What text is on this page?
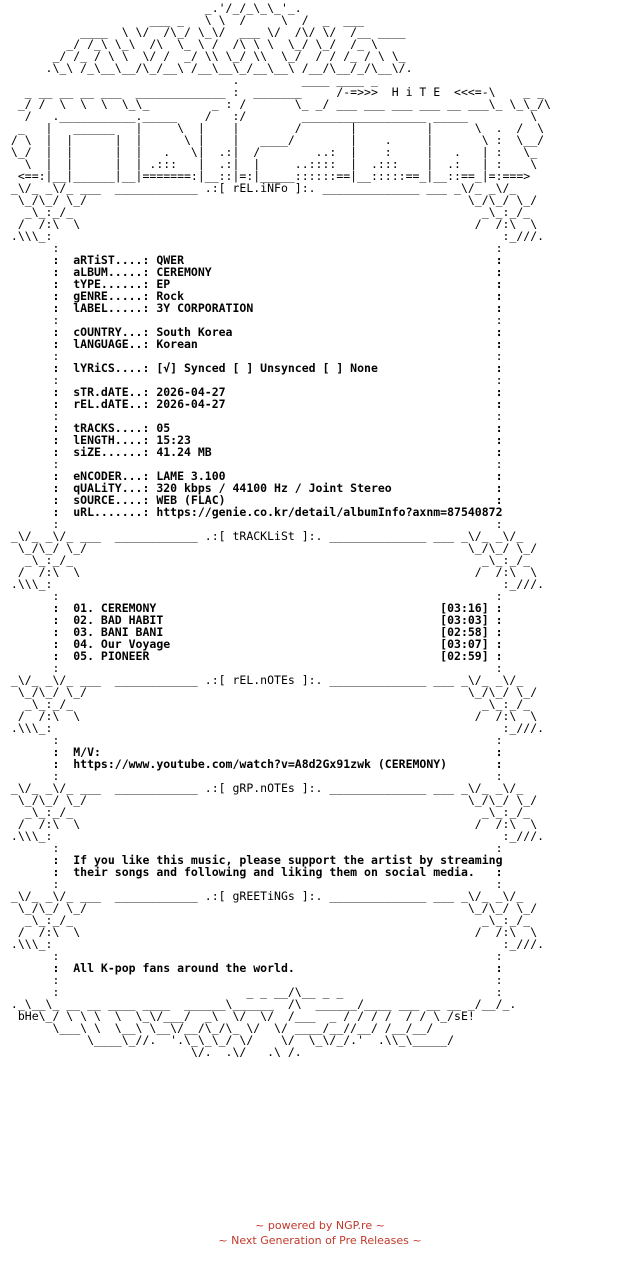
_.'/_/_\_\_'_.
___ _   \ \  /     \  /  _  ___
____  \ \/  /\_/ \_\/  ___ \/  /\/ \/  /__ ____
_/ /_\ \_\  /\  \_ \ /  /\ \ \  \_/ \_/  /_ \
_/ /_ / \ \  \/ /  _/ \\ \_/ \\  \_/  / / /_ / \ \_
.\_\ /_\__\__/\_/__\ /__\__\_/__\__\ /__/\__/_/\__\/.
.         ____ ____ _
_ __ __ __ ___  _____________ :  _______     /-=>>>  H i T E  <<<=-\    _ _
_/ /  \  \  \  \_\_         _ : /       \_ _/ ___ ___ ___ ___ __ ___\_ \_\_/\
/   .___________._____    /   :/        __________________ _____         \
_   |   ______   |     \  |    |        /       |          |      \  .  /  \
/ \  |  |      |  |      \ |    |   ____/        |    .     |       \ :  \__/
\_/  |  |      |  |   .   \|  .:|  /        ..:  |    :     |   .   | :   \_
\  |  |      |  | .:::   |  .:|  |     ..::::  |  .:::    |  .:   | :    \
<==:|__|______|__|=======:|__::|=:|_____::::::==|__:::::==_|__::==_|=:===>
_\/_ _\/_ ___  ____________ .:[ rEL.iNFo ]:. ______________ ___ _\/_ _\/_
\_/\_/ \_/                                                       \_/\_/ \_/
_\_:_/_                                                           _\_:_/_
/  /:\  \                                                         /  /:\  \
.\\\_:                                                                 :_///.
:                                                               :
:  aRTiST....: QWER                                             :
:  aLBUM.....: CEREMONY                                         :
:  tYPE......: EP                                               :
:  gENRE.....: Rock                                             :
:  lABEL.....: 3Y CORPORATION                                   :
:                                                               :
:  cOUNTRY...: South Korea                                      :
:  lANGUAGE..: Korean                                           :
:                                                               :
:  lYRiCS....: [√] Synced [ ] Unsynced [ ] None                 :
:                                                               :
:  sTR.dATE..: 2026-04-27                                       :
:  rEL.dATE..: 2026-04-27                                       :
:                                                               :
:  tRACKS....: 05                                               :
:  lENGTH....: 15:23                                            :
:  siZE......: 41.24 MB                                         :
:                                                               :
:  eNCODER...: LAME 3.100                                       :
:  qUALiTY...: 320 kbps / 44100 Hz / Joint Stereo               :
:  sOURCE....: WEB (FLAC)                                       :
:  uRL.......: https://genie.co.kr/detail/albumInfo?axnm=87540872
:                                                               :
_\/_ _\/_ ___  ____________ .:[ tRACKLiSt ]:. ______________ ___ _\/_ _\/_
\_/\_/ \_/                                                       \_/\_/ \_/
_\_:_/_                                                           _\_:_/_
/  /:\  \                                                         /  /:\  \
.\\\_:                                                                 :_///.
:                                                               :
:  01. CEREMONY                                         [03:16] :
:  02. BAD HABIT                                        [03:03] :
:  03. BANI BANI                                        [02:58] :
:  04. Our Voyage                                       [03:07] :
:  05. PIONEER                                          [02:59] :
:                                                               :
_\/_ _\/_ ___  ____________ .:[ rEL.nOTEs ]:. ______________ ___ _\/_ _\/_
\_/\_/ \_/                                                       \_/\_/ \_/
_\_:_/_                                                           _\_:_/_
/  /:\  \                                                         /  /:\  \
.\\\_:                                                                 :_///.
:                                                               :
:  M/V:                                                         :
:  https://www.youtube.com/watch?v=A8d2Gx91zwk (CEREMONY)       :
:                                                               :
_\/_ _\/_ ___  ____________ .:[ gRP.nOTEs ]:. ______________ ___ _\/_ _\/_
\_/\_/ \_/                                                       \_/\_/ \_/
_\_:_/_                                                           _\_:_/_
/  /:\  \                                                         /  /:\  \
.\\\_:                                                                 :_///.
:                                                               :
:  If you like this music, please support the artist by streaming
:  their songs and following and liking them on social media.   :
:                                                               :
_\/_ _\/_ ___  ____________ .:[ gREETiNGs ]:. ______________ ___ _\/_ _\/_
\_/\_/ \_/                                                       \_/\_/ \_/
_\_:_/_                                                           _\_:_/_
/  /:\  \                                                         /  /:\  \
.\\\_:                                                                 :_///.
:                                                               :
:  All K-pop fans around the world.                             :
:                                                               :
:                           _ _ __/\__ _ _                      :
._\__\_ __ __ ____ ____  ______\______  /\  ______/____ ___ __ __ _/__/_.
bHe\_/ \ \ \  \  \_\/___/  _\  \/  \/  /___  _ / / / /  / / \_/sE!
\___\ \  \__\ \__\/__/\_/\_ \/  \/ ____/__//__/ /__/__/
\____\_//.  '.\_\_\_/ \/    \/  \_\/_/.'  .\\_\_____/
\/.  .\/   .\_/.
~ powered by NGP.re ~
~ Next Generation of Pre Releases ~
